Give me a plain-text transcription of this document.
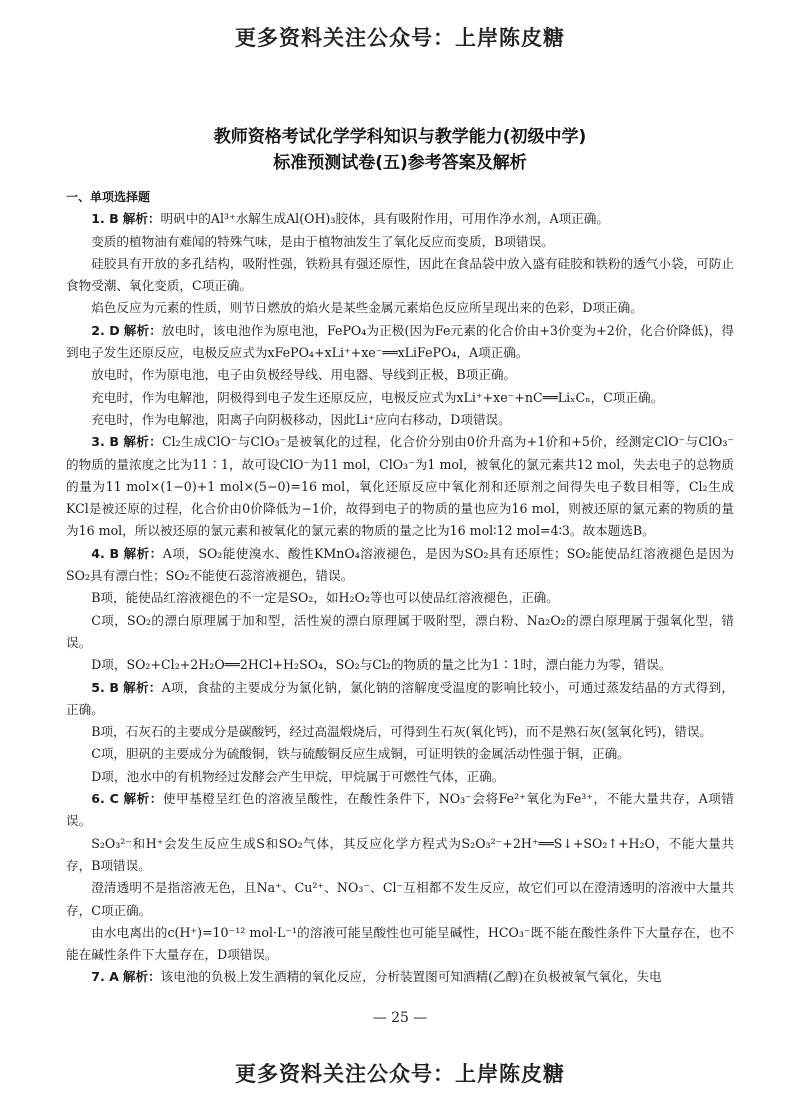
更多资料关注公众号：上岸陈皮糖
教师资格考试化学学科知识与教学能力(初级中学)
标准预测试卷(五)参考答案及解析

一、单项选择题

1. B 解析：明矾中的Al³⁺水解生成Al(OH)₃胶体，具有吸附作用，可用作净水剂，A项正确。

变质的植物油有难闻的特殊气味，是由于植物油发生了氧化反应而变质，B项错误。

硅胶具有开放的多孔结构，吸附性强，铁粉具有强还原性，因此在食品袋中放入盛有硅胶和铁粉的透气小袋，可防止食物受潮、氧化变质，C项正确。

焰色反应为元素的性质，则节日燃放的焰火是某些金属元素焰色反应所呈现出来的色彩，D项正确。

2. D 解析：放电时，该电池作为原电池，FePO₄为正极(因为Fe元素的化合价由+3价变为+2价，化合价降低)，得到电子发生还原反应，电极反应式为xFePO₄+xLi⁺+xe⁻══xLiFePO₄，A项正确。

放电时，作为原电池，电子由负极经导线、用电器、导线到正极，B项正确。

充电时，作为电解池，阴极得到电子发生还原反应，电极反应式为xLi⁺+xe⁻+nC══LiₓCₙ，C项正确。

充电时，作为电解池，阳离子向阴极移动，因此Li⁺应向右移动，D项错误。

3. B 解析：Cl₂生成ClO⁻与ClO₃⁻是被氧化的过程，化合价分别由0价升高为+1价和+5价，经测定ClO⁻与ClO₃⁻的物质的量浓度之比为11∶1，故可设ClO⁻为11 mol，ClO₃⁻为1 mol，被氧化的氯元素共12 mol，失去电子的总物质的量为11 mol×(1−0)+1 mol×(5−0)=16 mol，氧化还原反应中氧化剂和还原剂之间得失电子数目相等，Cl₂生成KCl是被还原的过程，化合价由0价降低为−1价，故得到电子的物质的量也应为16 mol，则被还原的氯元素的物质的量为16 mol，所以被还原的氯元素和被氧化的氯元素的物质的量之比为16 mol∶12 mol=4∶3。故本题选B。

4. B 解析：A项，SO₂能使溴水、酸性KMnO₄溶液褪色，是因为SO₂具有还原性；SO₂能使品红溶液褪色是因为SO₂具有漂白性；SO₂不能使石蕊溶液褪色，错误。

B项，能使品红溶液褪色的不一定是SO₂，如H₂O₂等也可以使品红溶液褪色，正确。

C项，SO₂的漂白原理属于加和型，活性炭的漂白原理属于吸附型，漂白粉、Na₂O₂的漂白原理属于强氧化型，错误。

D项，SO₂+Cl₂+2H₂O══2HCl+H₂SO₄，SO₂与Cl₂的物质的量之比为1∶1时，漂白能力为零，错误。

5. B 解析：A项，食盐的主要成分为氯化钠，氯化钠的溶解度受温度的影响比较小，可通过蒸发结晶的方式得到，正确。

B项，石灰石的主要成分是碳酸钙，经过高温煅烧后，可得到生石灰(氧化钙)，而不是熟石灰(氢氧化钙)，错误。

C项，胆矾的主要成分为硫酸铜，铁与硫酸铜反应生成铜，可证明铁的金属活动性强于铜，正确。

D项，池水中的有机物经过发酵会产生甲烷，甲烷属于可燃性气体，正确。

6. C 解析：使甲基橙呈红色的溶液呈酸性，在酸性条件下，NO₃⁻会将Fe²⁺氧化为Fe³⁺，不能大量共存，A项错误。

S₂O₃²⁻和H⁺会发生反应生成S和SO₂气体，其反应化学方程式为S₂O₃²⁻+2H⁺══S↓+SO₂↑+H₂O，不能大量共存，B项错误。

澄清透明不是指溶液无色，且Na⁺、Cu²⁺、NO₃⁻、Cl⁻互相都不发生反应，故它们可以在澄清透明的溶液中大量共存，C项正确。

由水电离出的c(H⁺)=10⁻¹² mol·L⁻¹的溶液可能呈酸性也可能呈碱性，HCO₃⁻既不能在酸性条件下大量存在，也不能在碱性条件下大量存在，D项错误。

7. A 解析：该电池的负极上发生酒精的氧化反应，分析装置图可知酒精(乙醇)在负极被氧气氧化，失电

— 25 —
更多资料关注公众号：上岸陈皮糖
